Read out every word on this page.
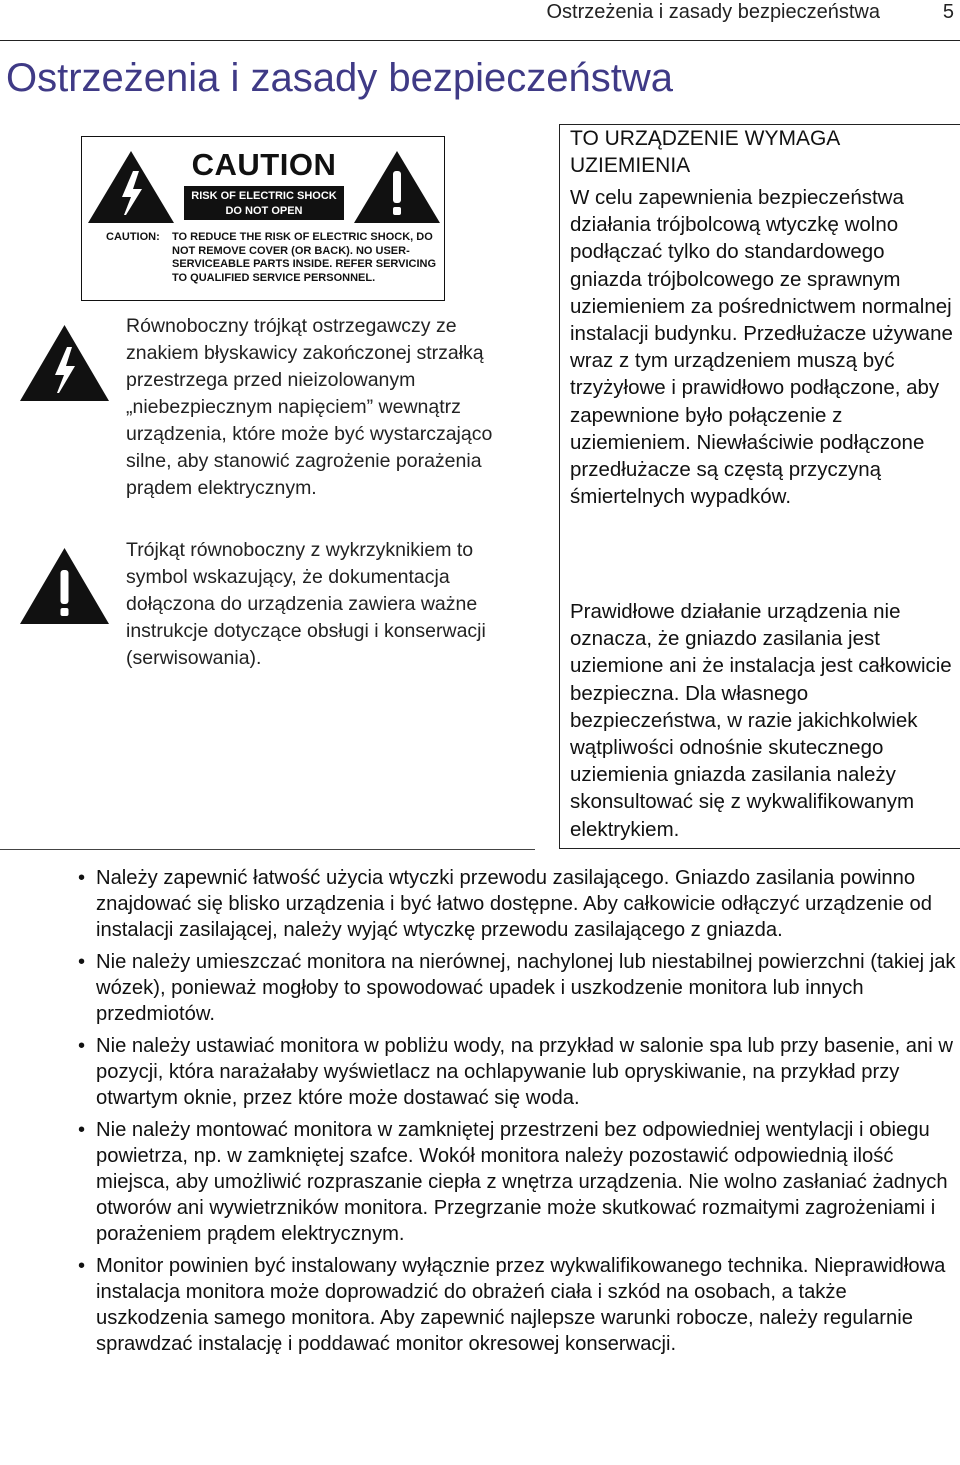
Ostrzeżenia i zasady bezpieczeństwa	5
Ostrzeżenia i zasady bezpieczeństwa
CAUTION
RISK OF ELECTRIC SHOCK
DO NOT OPEN
CAUTION: TO REDUCE THE RISK OF ELECTRIC SHOCK, DO NOT REMOVE COVER (OR BACK). NO USER-SERVICEABLE PARTS INSIDE. REFER SERVICING TO QUALIFIED SERVICE PERSONNEL.

Równoboczny trójkąt ostrzegawczy ze znakiem błyskawicy zakończonej strzałką przestrzega przed nieizolowanym „niebezpiecznym napięciem” wewnątrz urządzenia, które może być wystarczająco silne, aby stanowić zagrożenie porażenia prądem elektrycznym.

Trójkąt równoboczny z wykrzyknikiem to symbol wskazujący, że dokumentacja dołączona do urządzenia zawiera ważne instrukcje dotyczące obsługi i konserwacji (serwisowania).

TO URZĄDZENIE WYMAGA UZIEMIENIA

W celu zapewnienia bezpieczeństwa działania trójbolcową wtyczkę wolno podłączać tylko do standardowego gniazda trójbolcowego ze sprawnym uziemieniem za pośrednictwem normalnej instalacji budynku. Przedłużacze używane wraz z tym urządzeniem muszą być trzyżyłowe i prawidłowo podłączone, aby zapewnione było połączenie z uziemieniem. Niewłaściwie podłączone przedłużacze są częstą przyczyną śmiertelnych wypadków.

Prawidłowe działanie urządzenia nie oznacza, że gniazdo zasilania jest uziemione ani że instalacja jest całkowicie bezpieczna. Dla własnego bezpieczeństwa, w razie jakichkolwiek wątpliwości odnośnie skutecznego uziemienia gniazda zasilania należy skonsultować się z wykwalifikowanym elektrykiem.

• Należy zapewnić łatwość użycia wtyczki przewodu zasilającego. Gniazdo zasilania powinno znajdować się blisko urządzenia i być łatwo dostępne. Aby całkowicie odłączyć urządzenie od instalacji zasilającej, należy wyjąć wtyczkę przewodu zasilającego z gniazda.
• Nie należy umieszczać monitora na nierównej, nachylonej lub niestabilnej powierzchni (takiej jak wózek), ponieważ mogłoby to spowodować upadek i uszkodzenie monitora lub innych przedmiotów.
• Nie należy ustawiać monitora w pobliżu wody, na przykład w salonie spa lub przy basenie, ani w pozycji, która narażałaby wyświetlacz na ochlapywanie lub opryskiwanie, na przykład przy otwartym oknie, przez które może dostawać się woda.
• Nie należy montować monitora w zamkniętej przestrzeni bez odpowiedniej wentylacji i obiegu powietrza, np. w zamkniętej szafce. Wokół monitora należy pozostawić odpowiednią ilość miejsca, aby umożliwić rozpraszanie ciepła z wnętrza urządzenia. Nie wolno zasłaniać żadnych otworów ani wywietrzników monitora. Przegrzanie może skutkować rozmaitymi zagrożeniami i porażeniem prądem elektrycznym.
• Monitor powinien być instalowany wyłącznie przez wykwalifikowanego technika. Nieprawidłowa instalacja monitora może doprowadzić do obrażeń ciała i szkód na osobach, a także uszkodzenia samego monitora. Aby zapewnić najlepsze warunki robocze, należy regularnie sprawdzać instalację i poddawać monitor okresowej konserwacji.
